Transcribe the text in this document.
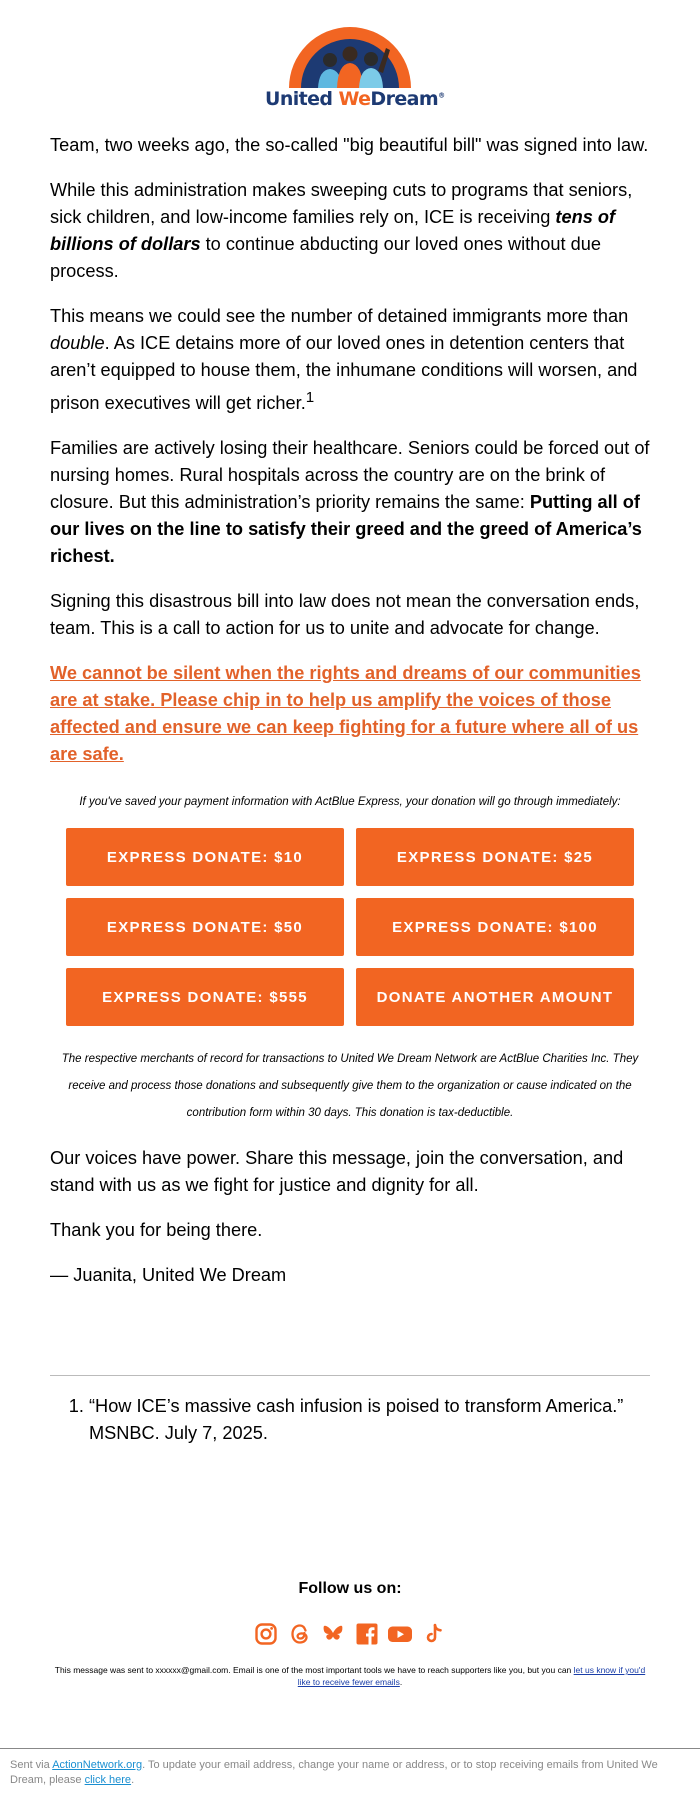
United WeDream®

Team, two weeks ago, the so-called "big beautiful bill" was signed into law.

While this administration makes sweeping cuts to programs that seniors, sick children, and low-income families rely on, ICE is receiving tens of billions of dollars to continue abducting our loved ones without due process.

This means we could see the number of detained immigrants more than double. As ICE detains more of our loved ones in detention centers that aren’t equipped to house them, the inhumane conditions will worsen, and prison executives will get richer.$^1$

Families are actively losing their healthcare. Seniors could be forced out of nursing homes. Rural hospitals across the country are on the brink of closure. But this administration’s priority remains the same: Putting all of our lives on the line to satisfy their greed and the greed of America’s richest.

Signing this disastrous bill into law does not mean the conversation ends, team. This is a call to action for us to unite and advocate for change.

We cannot be silent when the rights and dreams of our communities are at stake. Please chip in to help us amplify the voices of those affected and ensure we can keep fighting for a future where all of us are safe.

If you've saved your payment information with ActBlue Express, your donation will go through immediately:

EXPRESS DONATE: $10	EXPRESS DONATE: $25
EXPRESS DONATE: $50	EXPRESS DONATE: $100
EXPRESS DONATE: $555	DONATE ANOTHER AMOUNT

The respective merchants of record for transactions to United We Dream Network are ActBlue Charities Inc. They receive and process those donations and subsequently give them to the organization or cause indicated on the contribution form within 30 days. This donation is tax-deductible.

Our voices have power. Share this message, join the conversation, and stand with us as we fight for justice and dignity for all.

Thank you for being there.

— Juanita, United We Dream

1. “How ICE’s massive cash infusion is poised to transform America.” MSNBC. July 7, 2025.
Follow us on:
This message was sent to xxxxxx@gmail.com. Email is one of the most important tools we have to reach supporters like you, but you can let us know if you'd like to receive fewer emails.
Sent via ActionNetwork.org. To update your email address, change your name or address, or to stop receiving emails from United We Dream, please click here.
